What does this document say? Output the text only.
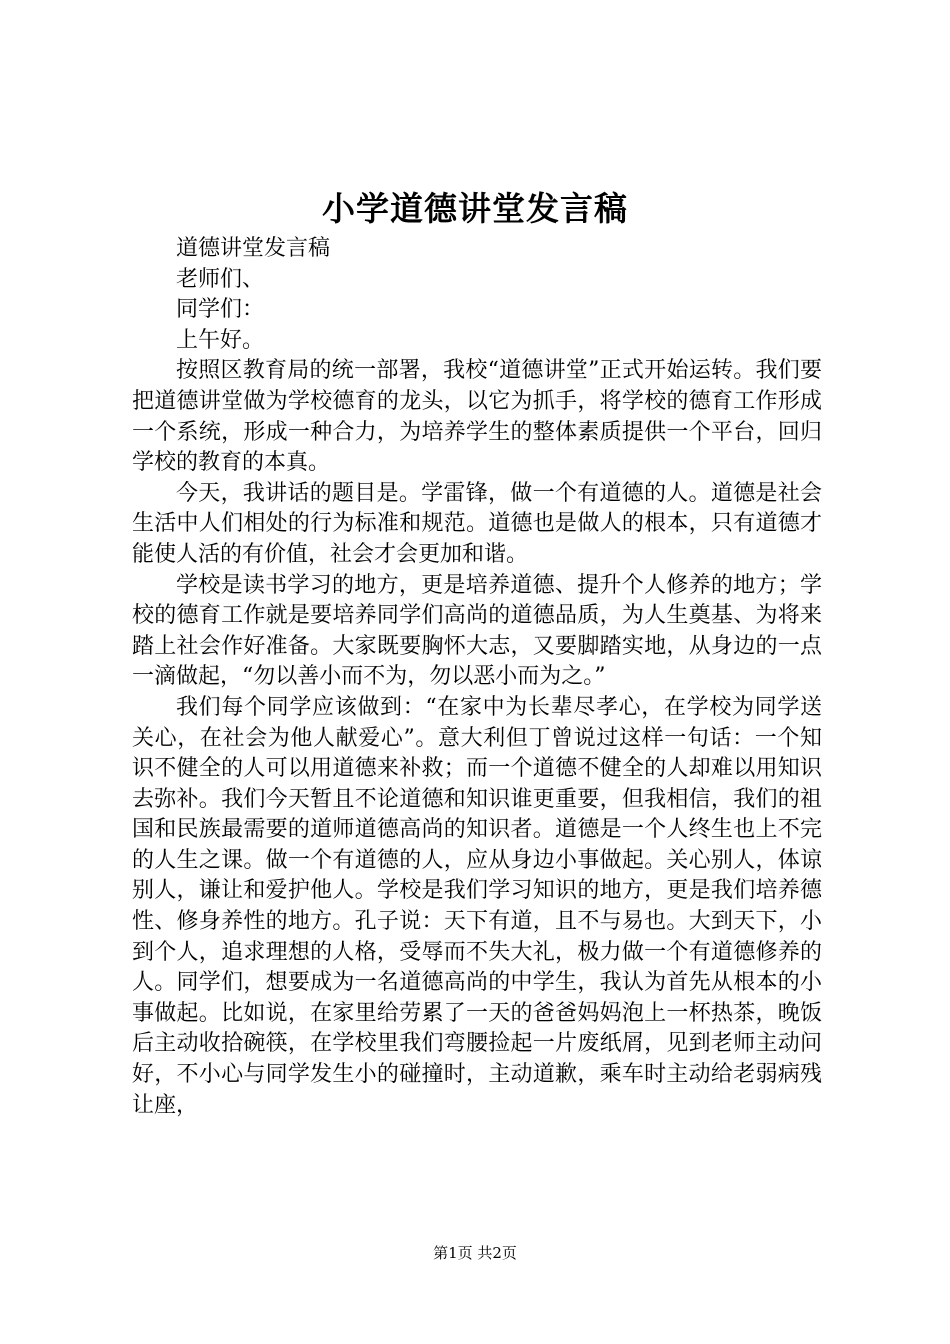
小学道德讲堂发言稿

道德讲堂发言稿

老师们、

同学们：

上午好。

按照区教育局的统一部署，我校“道德讲堂”正式开始运转。我们要把道德讲堂做为学校德育的龙头，以它为抓手，将学校的德育工作形成一个系统，形成一种合力，为培养学生的整体素质提供一个平台，回归学校的教育的本真。

今天，我讲话的题目是。学雷锋，做一个有道德的人。道德是社会生活中人们相处的行为标准和规范。道德也是做人的根本，只有道德才能使人活的有价值，社会才会更加和谐。

学校是读书学习的地方，更是培养道德、提升个人修养的地方；学校的德育工作就是要培养同学们高尚的道德品质，为人生奠基、为将来踏上社会作好准备。大家既要胸怀大志，又要脚踏实地，从身边的一点一滴做起，“勿以善小而不为，勿以恶小而为之。”

我们每个同学应该做到：“在家中为长辈尽孝心，在学校为同学送关心，在社会为他人献爱心”。意大利但丁曾说过这样一句话：一个知识不健全的人可以用道德来补救；而一个道德不健全的人却难以用知识去弥补。我们今天暂且不论道德和知识谁更重要，但我相信，我们的祖国和民族最需要的道师道德高尚的知识者。道德是一个人终生也上不完的人生之课。做一个有道德的人，应从身边小事做起。关心别人，体谅别人，谦让和爱护他人。学校是我们学习知识的地方，更是我们培养德性、修身养性的地方。孔子说：天下有道，且不与易也。大到天下，小到个人，追求理想的人格，受辱而不失大礼，极力做一个有道德修养的人。同学们，想要成为一名道德高尚的中学生，我认为首先从根本的小事做起。比如说，在家里给劳累了一天的爸爸妈妈泡上一杯热茶，晚饭后主动收拾碗筷，在学校里我们弯腰捡起一片废纸屑，见到老师主动问好，不小心与同学发生小的碰撞时，主动道歉，乘车时主动给老弱病残让座，

第1页 共2页
